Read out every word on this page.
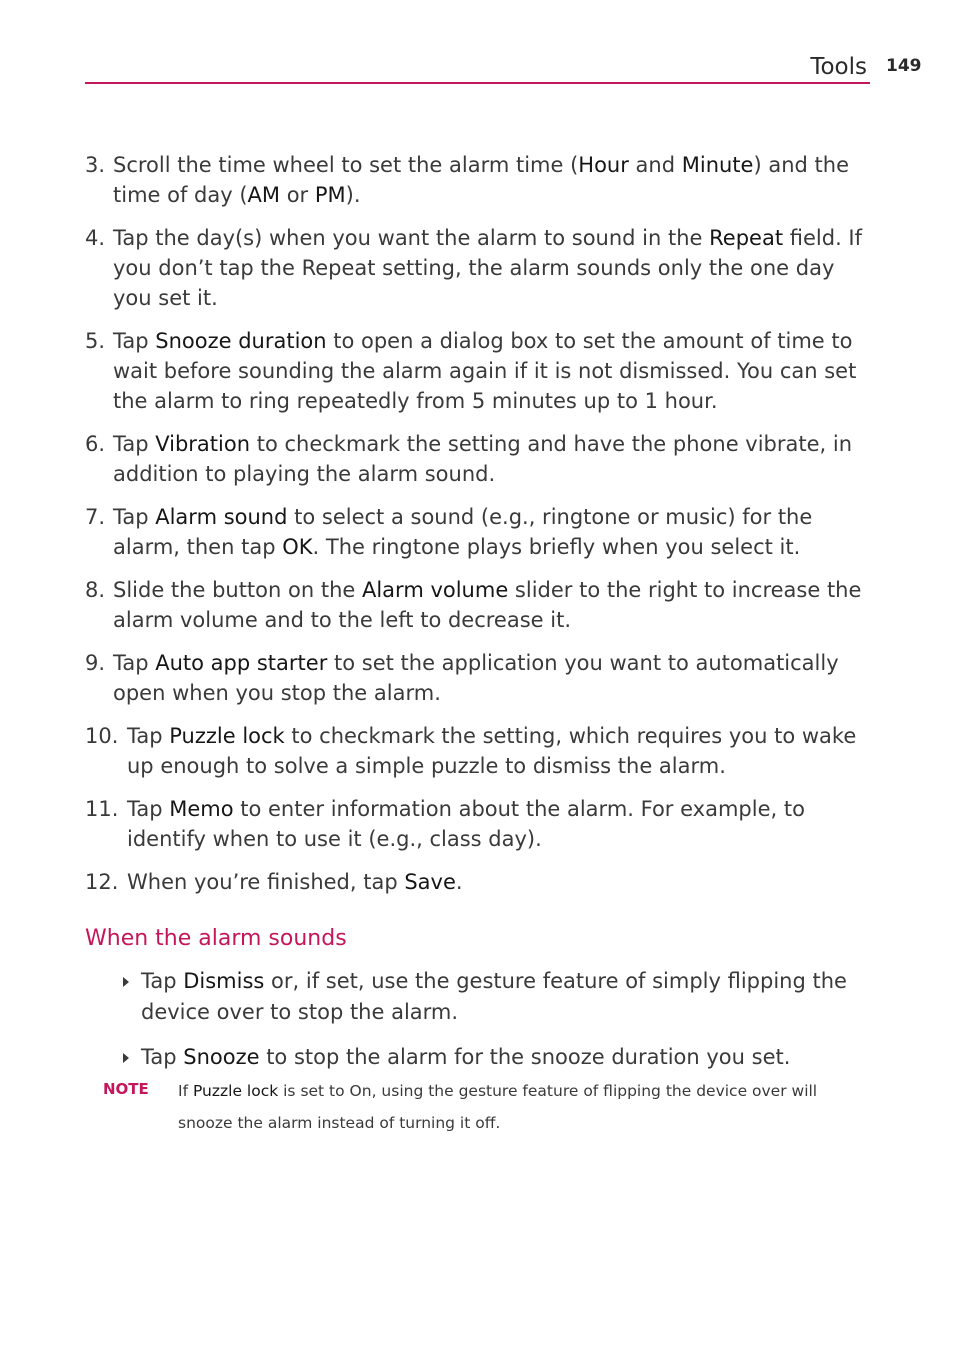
Tools 149
3. Scroll the time wheel to set the alarm time (Hour and Minute) and the time of day (AM or PM).
4. Tap the day(s) when you want the alarm to sound in the Repeat field. If you don’t tap the Repeat setting, the alarm sounds only the one day you set it.
5. Tap Snooze duration to open a dialog box to set the amount of time to wait before sounding the alarm again if it is not dismissed. You can set the alarm to ring repeatedly from 5 minutes up to 1 hour.
6. Tap Vibration to checkmark the setting and have the phone vibrate, in addition to playing the alarm sound.
7. Tap Alarm sound to select a sound (e.g., ringtone or music) for the alarm, then tap OK. The ringtone plays briefly when you select it.
8. Slide the button on the Alarm volume slider to the right to increase the alarm volume and to the left to decrease it.
9. Tap Auto app starter to set the application you want to automatically open when you stop the alarm.
10. Tap Puzzle lock to checkmark the setting, which requires you to wake up enough to solve a simple puzzle to dismiss the alarm.
11. Tap Memo to enter information about the alarm. For example, to identify when to use it (e.g., class day).
12. When you’re finished, tap Save.
When the alarm sounds
Tap Dismiss or, if set, use the gesture feature of simply flipping the device over to stop the alarm.
Tap Snooze to stop the alarm for the snooze duration you set.
NOTE If Puzzle lock is set to On, using the gesture feature of flipping the device over will snooze the alarm instead of turning it off.
